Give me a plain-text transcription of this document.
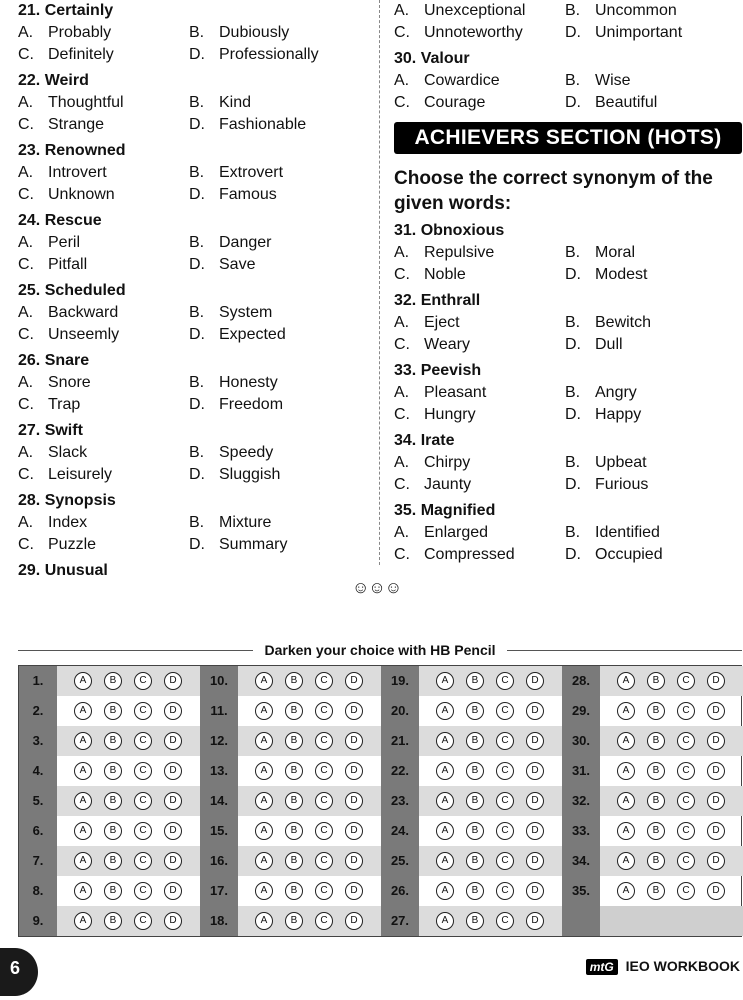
21. Certainly
A. Probably	B. Dubiously
C. Definitely	D. Professionally
22. Weird
A. Thoughtful	B. Kind
C. Strange	D. Fashionable
23. Renowned
A. Introvert	B. Extrovert
C. Unknown	D. Famous
24. Rescue
A. Peril	B. Danger
C. Pitfall	D. Save
25. Scheduled
A. Backward	B. System
C. Unseemly	D. Expected
26. Snare
A. Snore	B. Honesty
C. Trap	D. Freedom
27. Swift
A. Slack	B. Speedy
C. Leisurely	D. Sluggish
28. Synopsis
A. Index	B. Mixture
C. Puzzle	D. Summary
29. Unusual
A. Unexceptional B. Uncommon
C. Unnoteworthy	D. Unimportant
30. Valour
A. Cowardice	B. Wise
C. Courage	D. Beautiful
ACHIEVERS SECTION (HOTS)
Choose the correct synonym of the given words:
31. Obnoxious
A. Repulsive	B. Moral
C. Noble	D. Modest
32. Enthrall
A. Eject	B. Bewitch
C. Weary	D. Dull
33. Peevish
A. Pleasant	B. Angry
C. Hungry	D. Happy
34. Irate
A. Chirpy	B. Upbeat
C. Jaunty	D. Furious
35. Magnified
A. Enlarged	B. Identified
C. Compressed	D. Occupied
☺☺☺
Darken your choice with HB Pencil
1.	A	B	C	D
2.	A	B	C	D
3.	A	B	C	D
4.	A	B	C	D
5.	A	B	C	D
6.	A	B	C	D
7.	A	B	C	D
8.	A	B	C	D
9.	A	B	C	D
10.	A	B	C	D
11.	A	B	C	D
12.	A	B	C	D
13.	A	B	C	D
14.	A	B	C	D
15.	A	B	C	D
16.	A	B	C	D
17.	A	B	C	D
18.	A	B	C	D
19.	A	B	C	D
20.	A	B	C	D
21.	A	B	C	D
22.	A	B	C	D
23.	A	B	C	D
24.	A	B	C	D
25.	A	B	C	D
26.	A	B	C	D
27.	A	B	C	D
28.	A	B	C	D
29.	A	B	C	D
30.	A	B	C	D
31.	A	B	C	D
32.	A	B	C	D
33.	A	B	C	D
34.	A	B	C	D
35.	A	B	C	D
6	mtG IEO WORKBOOK
